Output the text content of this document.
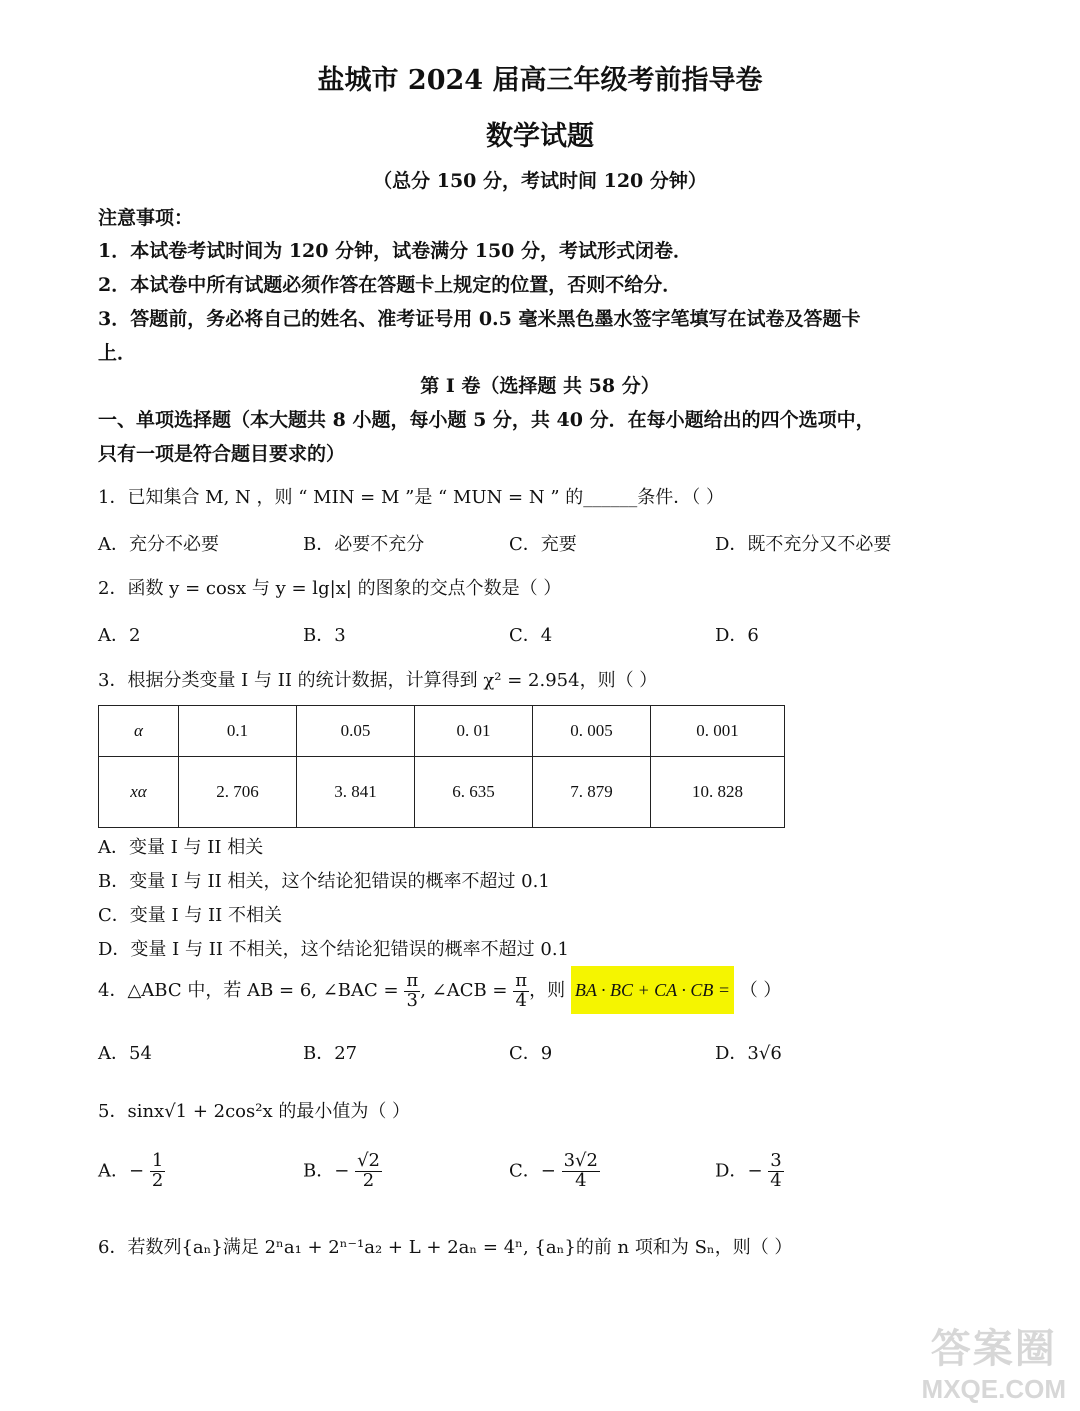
盐城市 2024 届高三年级考前指导卷
数学试题
（总分 150 分，考试时间 120 分钟）
注意事项：
1．本试卷考试时间为 120 分钟，试卷满分 150 分，考试形式闭卷．
2．本试卷中所有试题必须作答在答题卡上规定的位置，否则不给分．
3．答题前，务必将自己的姓名、准考证号用 0.5 毫米黑色墨水签字笔填写在试卷及答题卡
上．
第 I 卷（选择题 共 58 分）
一、单项选择题（本大题共 8 小题，每小题 5 分，共 40 分．在每小题给出的四个选项中，
只有一项是符合题目要求的）
1．已知集合 M, N ，则 “ MIN = M ”是 “ MUN = N ” 的______条件．（ ）
A．充分不必要	B．必要不充分	C．充要	D．既不充分又不必要
2．函数 y = cosx 与 y = lg|x| 的图象的交点个数是（ ）
A．2	B．3	C．4	D．6
3．根据分类变量 I 与 II 的统计数据，计算得到 χ² = 2.954，则（ ）
α	0.1	0.05	0. 01	0. 005	0. 001
xα	2. 706	3. 841	6. 635	7. 879	10. 828
A．变量 I 与 II 相关
B．变量 I 与 II 相关，这个结论犯错误的概率不超过 0.1
C．变量 I 与 II 不相关
D．变量 I 与 II 不相关，这个结论犯错误的概率不超过 0.1
4．△ABC 中，若 AB = 6, ∠BAC = $\frac{\pi}{3}$ , ∠ACB = $\frac{\pi}{4}$ ，则 BA · BC + CA · CB = （ ）
A．54	B．27	C．9	D．3√6
5．sinx√1 + 2cos²x 的最小值为（ ）
A．− $\frac{1}{2}$	B．− $\frac{√2}{2}$	C．− $\frac{3√2}{4}$	D．− $\frac{3}{4}$
6．若数列{aₙ}满足 2ⁿa₁ + 2ⁿ⁻¹a₂ + L + 2aₙ = 4ⁿ, {aₙ}的前 n 项和为 Sₙ，则（ ）
答案圈
MXQE.COM
